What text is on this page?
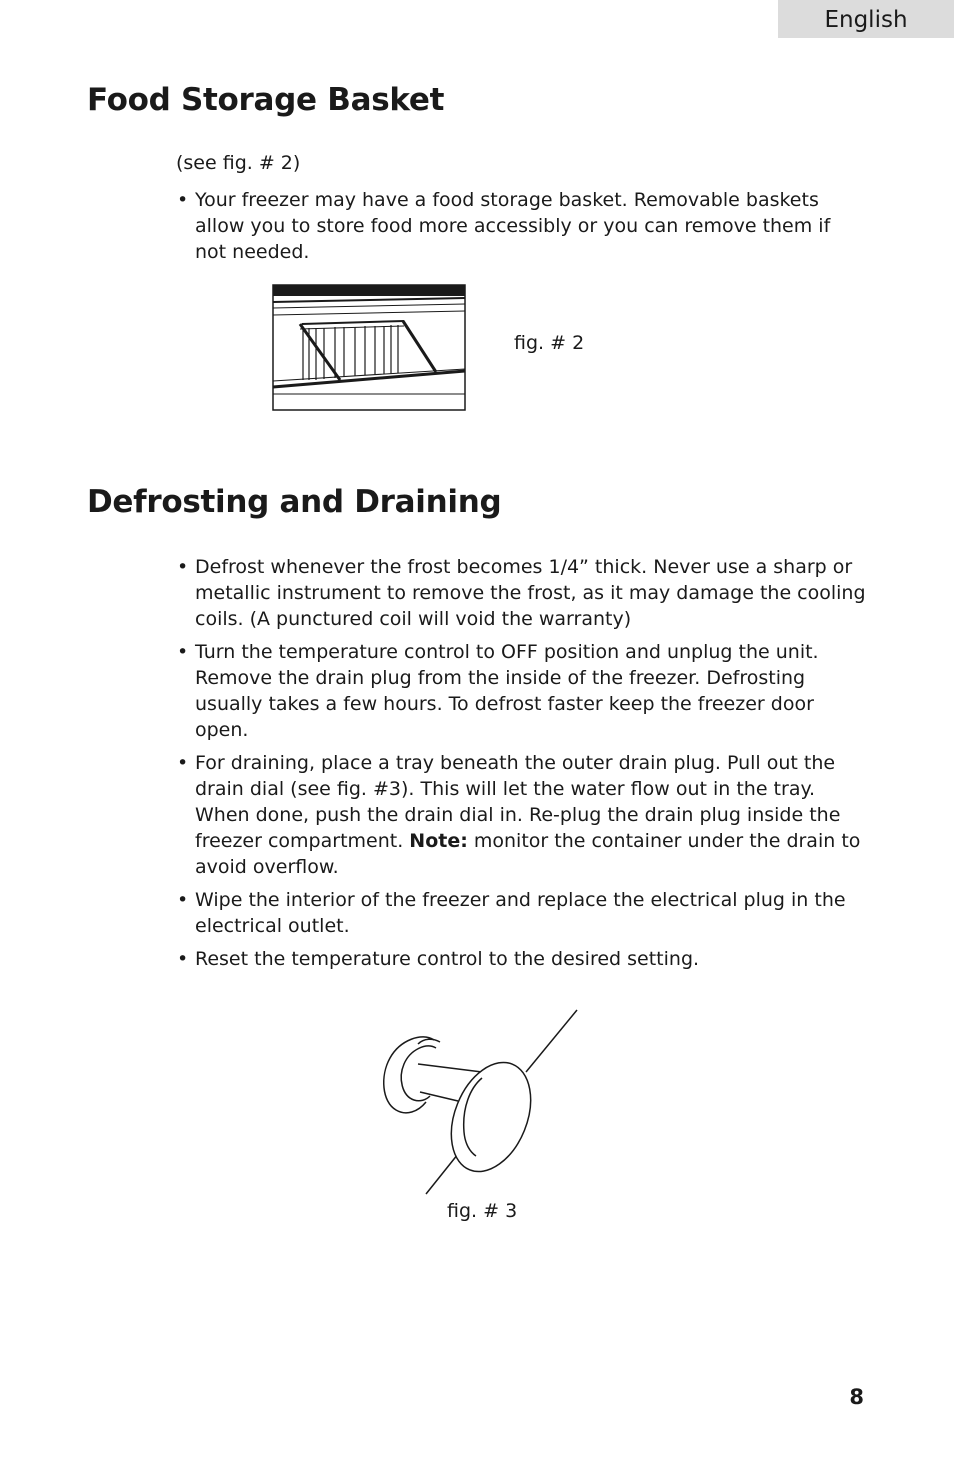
English
Food Storage Basket
(see fig. # 2)
• Your freezer may have a food storage basket. Removable baskets allow you to store food more accessibly or you can remove them if not needed.
fig. # 2
Defrosting and Draining
• Defrost whenever the frost becomes 1/4” thick. Never use a sharp or metallic instrument to remove the frost, as it may damage the cooling coils. (A punctured coil will void the warranty)
• Turn the temperature control to OFF position and unplug the unit. Remove the drain plug from the inside of the freezer. Defrosting usually takes a few hours. To defrost faster keep the freezer door open.
• For draining, place a tray beneath the outer drain plug. Pull out the drain dial (see fig. #3). This will let the water flow out in the tray. When done, push the drain dial in. Re-plug the drain plug inside the freezer compartment. Note: monitor the container under the drain to avoid overflow.
• Wipe the interior of the freezer and replace the electrical plug in the electrical outlet.
• Reset the temperature control to the desired setting.
fig. # 3
8
